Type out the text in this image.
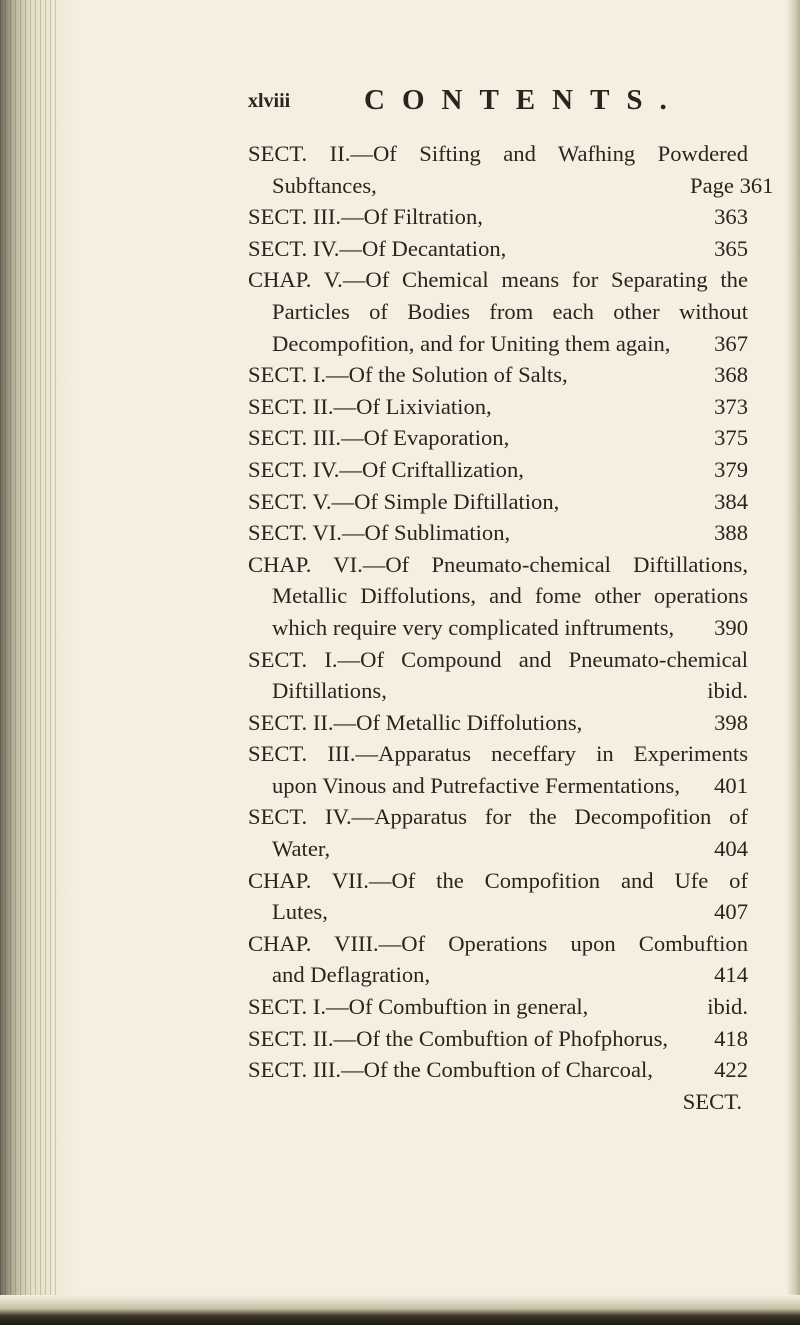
xlviii	CONTENTS.
SECT. II.—Of Sifting and Wafhing Powdered
Subftances,	Page 361
SECT. III.—Of Filtration,	363
SECT. IV.—Of Decantation,	365
CHAP. V.—Of Chemical means for Separating the
Particles of Bodies from each other without
Decompofition, and for Uniting them again,	367
SECT. I.—Of the Solution of Salts,	368
SECT. II.—Of Lixiviation,	373
SECT. III.—Of Evaporation,	375
SECT. IV.—Of Criftallization,	379
SECT. V.—Of Simple Diftillation,	384
SECT. VI.—Of Sublimation,	388
CHAP. VI.—Of Pneumato-chemical Diftillations,
Metallic Diffolutions, and fome other operations
which require very complicated inftruments,	390
SECT. I.—Of Compound and Pneumato-chemical
Diftillations,	ibid.
SECT. II.—Of Metallic Diffolutions,	398
SECT. III.—Apparatus neceffary in Experiments
upon Vinous and Putrefactive Fermentations,	401
SECT. IV.—Apparatus for the Decompofition of
Water,	404
CHAP. VII.—Of the Compofition and Ufe of
Lutes,	407
CHAP. VIII.—Of Operations upon Combuftion
and Deflagration,	414
SECT. I.—Of Combuftion in general,	ibid.
SECT. II.—Of the Combuftion of Phofphorus,	418
SECT. III.—Of the Combuftion of Charcoal,	422
SECT.
